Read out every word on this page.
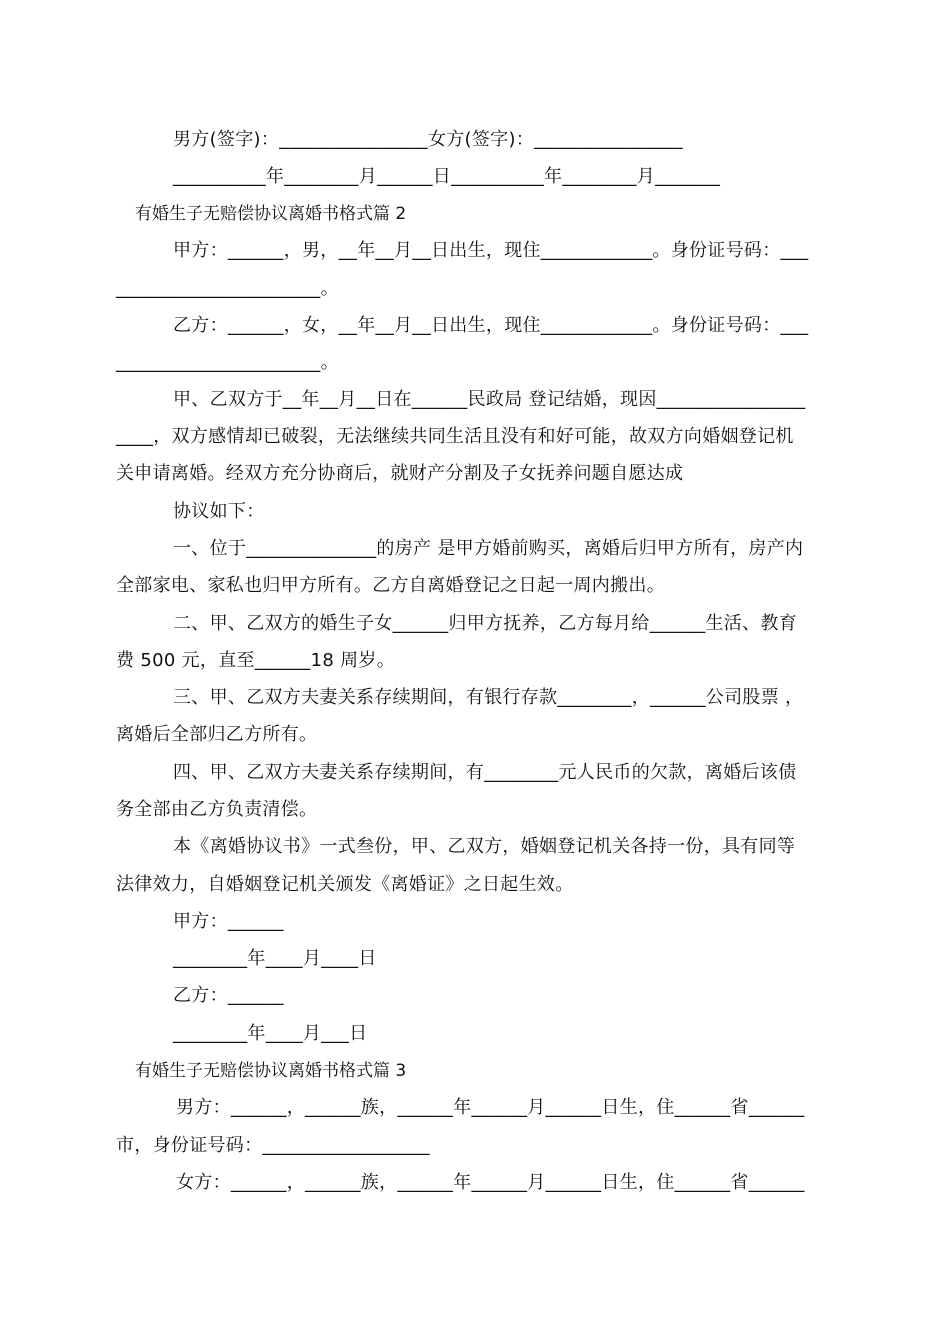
男方(签字)：________________女方(签字)：________________
__________年________月______日__________年________月_______
有婚生子无赔偿协议离婚书格式篇 2
甲方：______，男，__年__月__日出生，现住____________。身份证号码：___
______________________。
乙方：______，女，__年__月__日出生，现住____________。身份证号码：___
______________________。
甲、乙双方于__年__月__日在______民政局 登记结婚，现因________________
____，双方感情却已破裂，无法继续共同生活且没有和好可能，故双方向婚姻登记机
关申请离婚。经双方充分协商后，就财产分割及子女抚养问题自愿达成
协议如下：
一、位于______________的房产 是甲方婚前购买，离婚后归甲方所有，房产内
全部家电、家私也归甲方所有。乙方自离婚登记之日起一周内搬出。
二、甲、乙双方的婚生子女______归甲方抚养，乙方每月给______生活、教育
费 500 元，直至______18 周岁。
三、甲、乙双方夫妻关系存续期间，有银行存款________，______公司股票 ，
离婚后全部归乙方所有。
四、甲、乙双方夫妻关系存续期间，有________元人民币的欠款，离婚后该债
务全部由乙方负责清偿。
本《离婚协议书》一式叁份，甲、乙双方，婚姻登记机关各持一份，具有同等
法律效力，自婚姻登记机关颁发《离婚证》之日起生效。
甲方：______
________年____月____日
乙方：______
________年____月___日
有婚生子无赔偿协议离婚书格式篇 3
男方：______，______族，______年______月______日生，住______省______
市，身份证号码：__________________
女方：______，______族，______年______月______日生，住______省______
